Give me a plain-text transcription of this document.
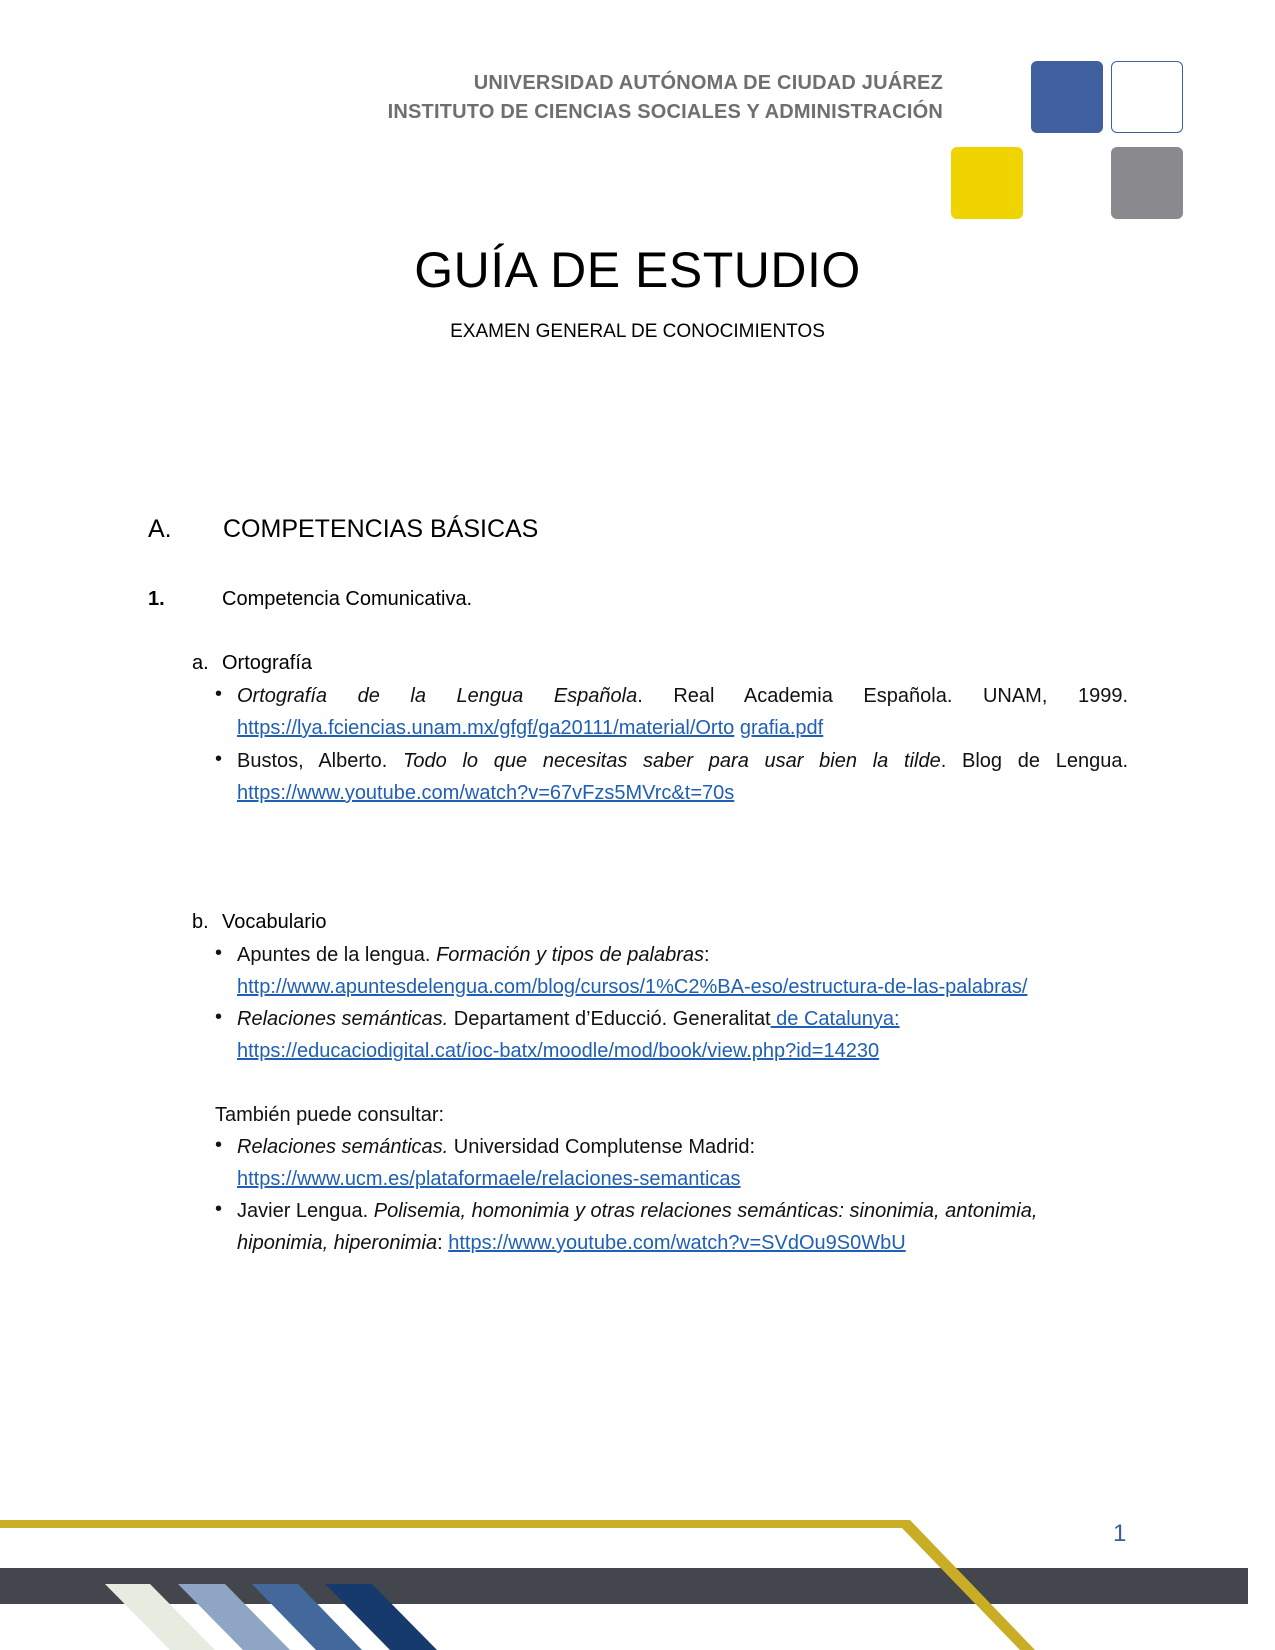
UNIVERSIDAD AUTÓNOMA DE CIUDAD JUÁREZ
INSTITUTO DE CIENCIAS SOCIALES Y ADMINISTRACIÓN
GUÍA DE ESTUDIO
EXAMEN GENERAL DE CONOCIMIENTOS
A. COMPETENCIAS BÁSICAS
1.	Competencia Comunicativa.
a. Ortografía
• Ortografía de la Lengua Española. Real Academia Española. UNAM, 1999.
https://lya.fciencias.unam.mx/gfgf/ga20111/material/Orto grafia.pdf
• Bustos, Alberto. Todo lo que necesitas saber para usar bien la tilde. Blog de Lengua.
https://www.youtube.com/watch?v=67vFzs5MVrc&t=70s
b. Vocabulario
• Apuntes de la lengua. Formación y tipos de palabras:
http://www.apuntesdelengua.com/blog/cursos/1%C2%BA-eso/estructura-de-las-palabras/
• Relaciones semánticas. Departament d’Educció. Generalitat de Catalunya:
https://educaciodigital.cat/ioc-batx/moodle/mod/book/view.php?id=14230
También puede consultar:
• Relaciones semánticas. Universidad Complutense Madrid:
https://www.ucm.es/plataformaele/relaciones-semanticas
• Javier Lengua. Polisemia, homonimia y otras relaciones semánticas: sinonimia, antonimia,
hiponimia, hiperonimia: https://www.youtube.com/watch?v=SVdOu9S0WbU
1
